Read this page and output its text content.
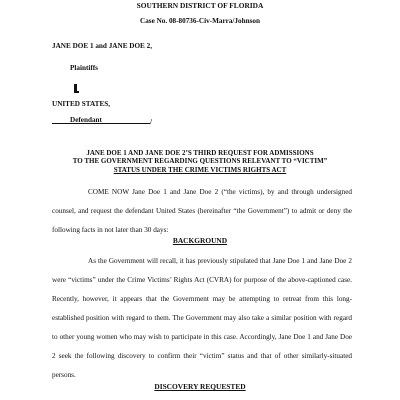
SOUTHERN DISTRICT OF FLORIDA
Case No. 08-80736-Civ-Marra/Johnson
JANE DOE 1 and JANE DOE 2,
Plaintiffs
UNITED STATES,
Defendant	/
JANE DOE 1 AND JANE DOE 2’S THIRD REQUEST FOR ADMISSIONS
TO THE GOVERNMENT REGARDING QUESTIONS RELEVANT TO “VICTIM”
STATUS UNDER THE CRIME VICTIMS RIGHTS ACT
COME NOW Jane Doe 1 and Jane Doe 2 (“the victims), by and through undersigned counsel, and request the defendant United States (hereinafter “the Government”) to admit or deny the following facts in not later than 30 days:
BACKGROUND
As the Government will recall, it has previously stipulated that Jane Doe 1 and Jane Doe 2 were “victims” under the Crime Victims’ Rights Act (CVRA) for purpose of the above-captioned case. Recently, however, it appears that the Government may be attempting to retreat from this long-established position with regard to them. The Government may also take a similar position with regard to other young women who may wish to participate in this case. Accordingly, Jane Doe 1 and Jane Doe 2 seek the following discovery to confirm their “victim” status and that of other similarly-situated persons.
DISCOVERY REQUESTED
